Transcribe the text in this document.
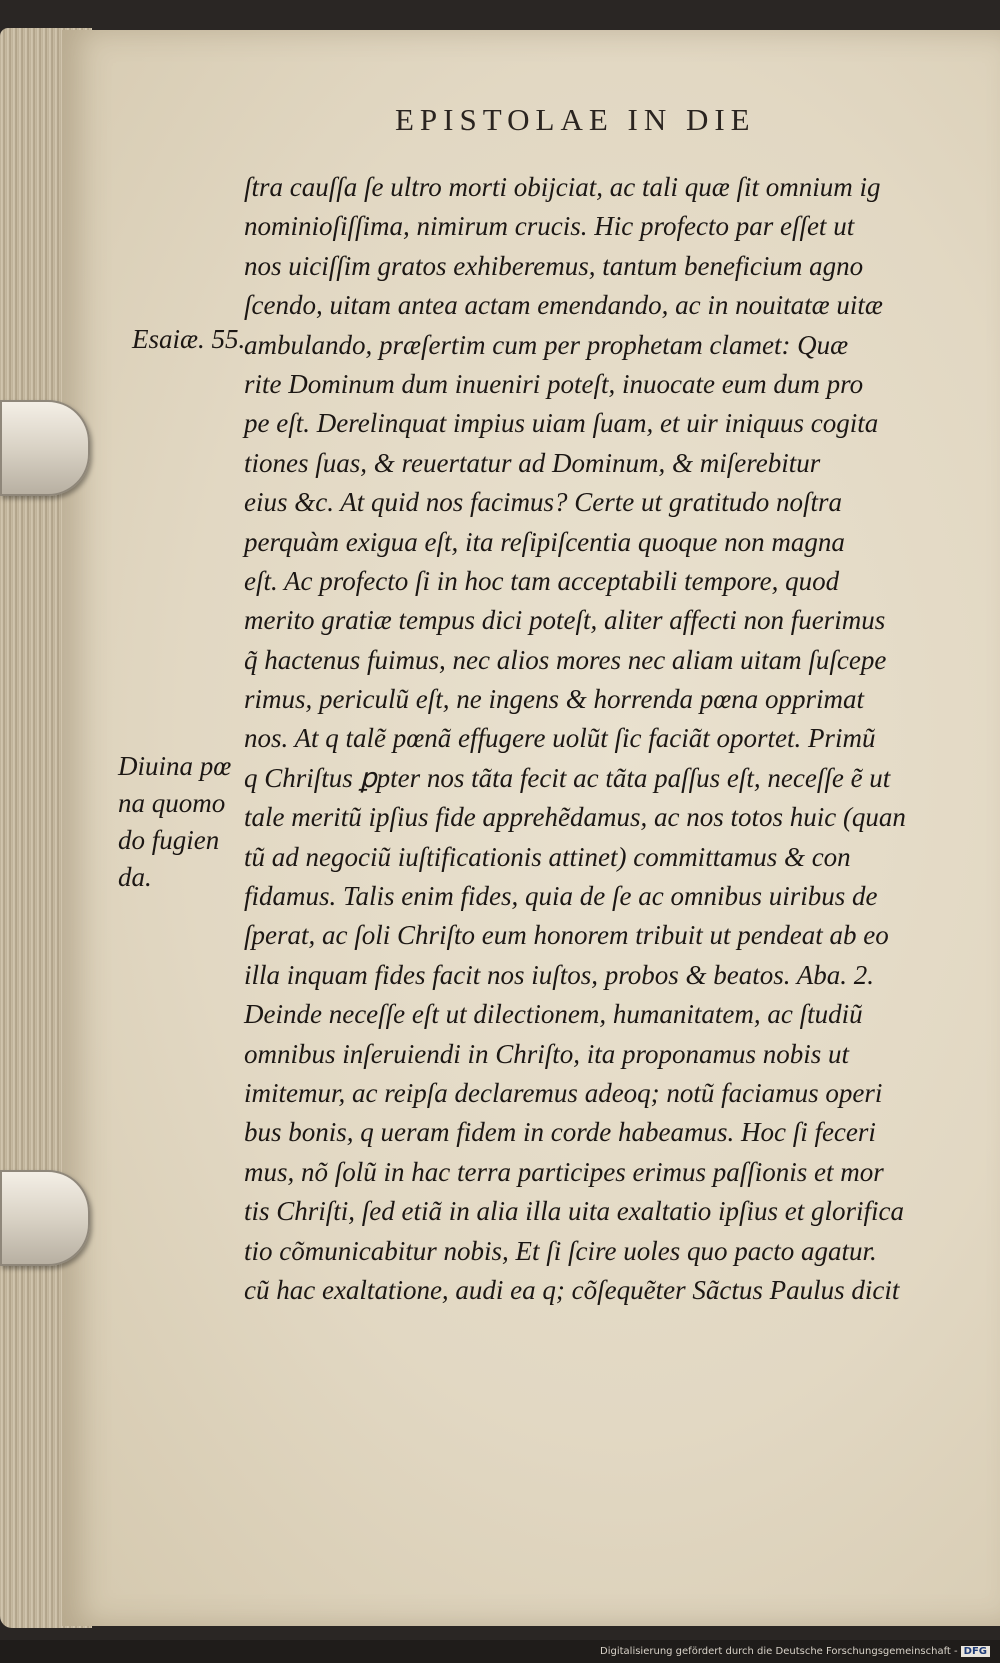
EPISTOLAE IN DIE
Esaiæ. 55.
Diuina pœ
na quomo
do fugien
da.
ſtra cauſſa ſe ultro morti obijciat, ac tali quæ ſit omnium ig
nominioſiſſima, nimirum crucis. Hic profecto par eſſet ut
nos uiciſſim gratos exhiberemus, tantum beneficium agno
ſcendo, uitam antea actam emendando, ac in nouitatæ uitæ
ambulando, præſertim cum per prophetam clamet: Quæ
rite Dominum dum inueniri poteſt, inuocate eum dum pro
pe eſt. Derelinquat impius uiam ſuam, et uir iniquus cogita
tiones ſuas, & reuertatur ad Dominum, & miſerebitur
eius &c. At quid nos facimus? Certe ut gratitudo noſtra
perquàm exigua eſt, ita reſipiſcentia quoque non magna
eſt. Ac profecto ſi in hoc tam acceptabili tempore, quod
merito gratiæ tempus dici poteſt, aliter affecti non fuerimus
q̃ hactenus fuimus, nec alios mores nec aliam uitam ſuſcepe
rimus, periculũ eſt, ne ingens & horrenda pœna opprimat
nos. At q talẽ pœnã effugere uolũt ſic faciãt oportet. Primũ
q Chriſtus ꝑpter nos tãta fecit ac tãta paſſus eſt, neceſſe ẽ ut
tale meritũ ipſius fide apprehẽdamus, ac nos totos huic (quan
tũ ad negociũ iuſtificationis attinet) committamus & con
fidamus. Talis enim fides, quia de ſe ac omnibus uiribus de
ſperat, ac ſoli Chriſto eum honorem tribuit ut pendeat ab eo
illa inquam fides facit nos iuſtos, probos & beatos. Aba. 2.
Deinde neceſſe eſt ut dilectionem, humanitatem, ac ſtudiũ
omnibus inſeruiendi in Chriſto, ita proponamus nobis ut
imitemur, ac reipſa declaremus adeoq; notũ faciamus operi
bus bonis, q ueram fidem in corde habeamus. Hoc ſi feceri
mus, nõ ſolũ in hac terra participes erimus paſſionis et mor
tis Chriſti, ſed etiã in alia illa uita exaltatio ipſius et glorifica
tio cõmunicabitur nobis, Et ſi ſcire uoles quo pacto agatur.
cũ hac exaltatione, audi ea q; cõſequẽter Sãctus Paulus dicit
Digitalisierung gefördert durch die Deutsche Forschungsgemeinschaft - DFG
